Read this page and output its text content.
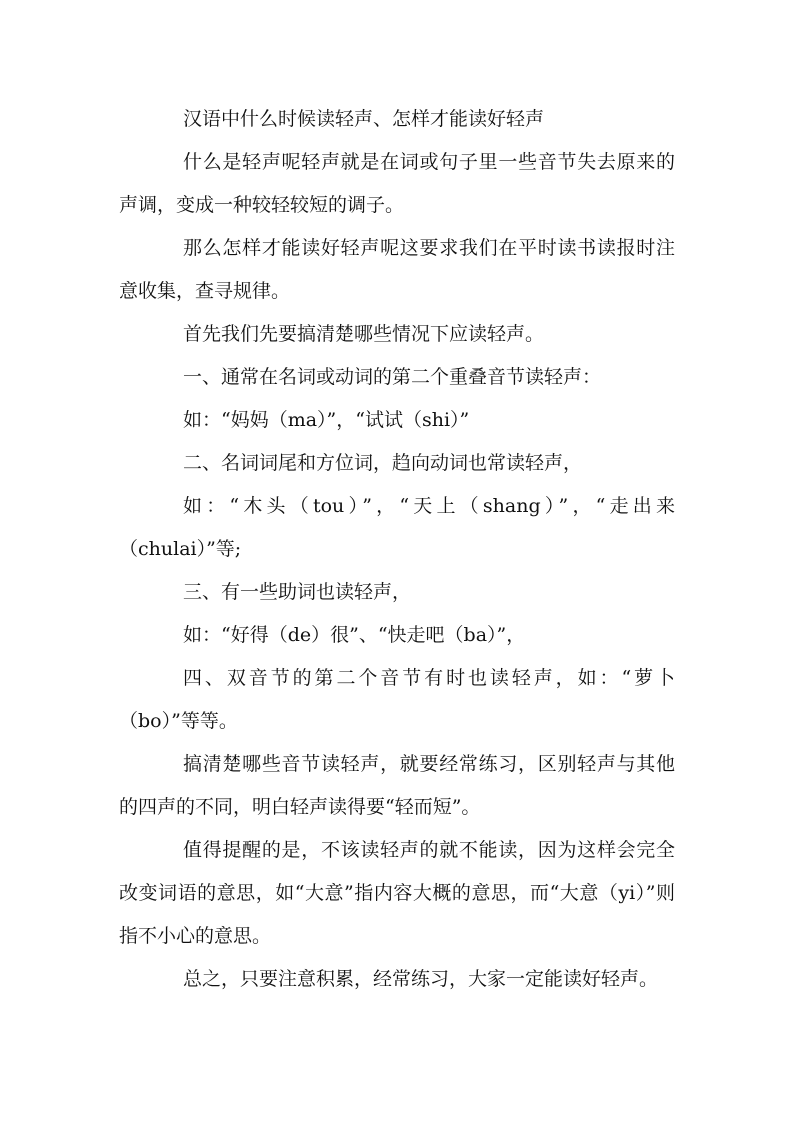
汉语中什么时候读轻声、怎样才能读好轻声

什么是轻声呢轻声就是在词或句子里一些音节失去原来的声调，变成一种较轻较短的调子。

那么怎样才能读好轻声呢这要求我们在平时读书读报时注意收集，查寻规律。

首先我们先要搞清楚哪些情况下应读轻声。

一、通常在名词或动词的第二个重叠音节读轻声：

如：“妈妈（ma）”，“试试（shi）”

二、名词词尾和方位词，趋向动词也常读轻声，

如：“木头（tou）”，“天上（shang）”，“走出来（chulai）”等;

三、有一些助词也读轻声，

如：“好得（de）很”、“快走吧（ba）”，

四、双音节的第二个音节有时也读轻声，如：“萝卜（bo）”等等。

搞清楚哪些音节读轻声，就要经常练习，区别轻声与其他的四声的不同，明白轻声读得要“轻而短”。

值得提醒的是，不该读轻声的就不能读，因为这样会完全改变词语的意思，如“大意”指内容大概的意思，而“大意（yi）”则指不小心的意思。

总之，只要注意积累，经常练习，大家一定能读好轻声。
